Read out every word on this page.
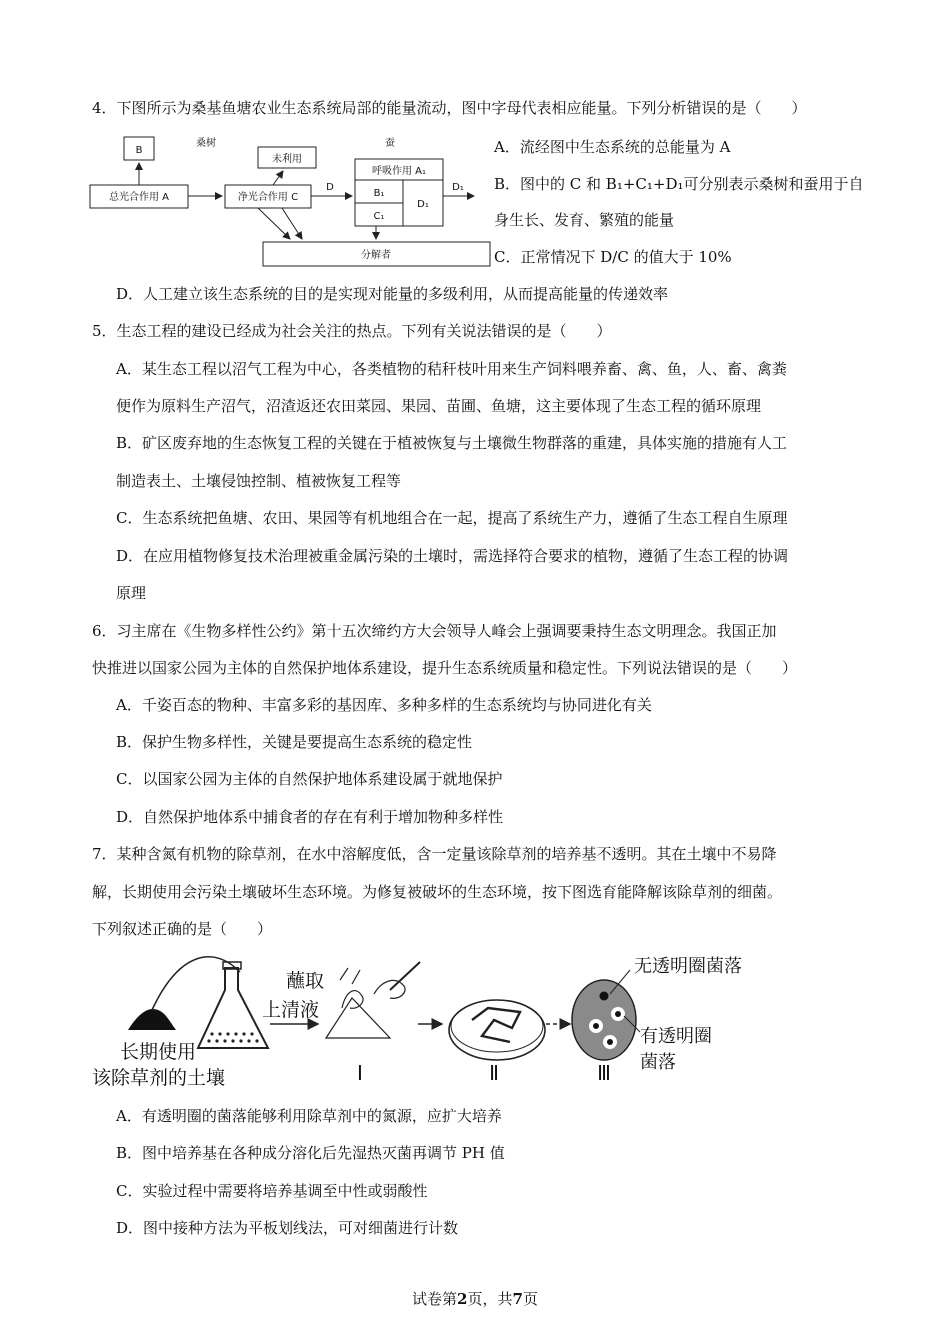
4．下图所示为桑基鱼塘农业生态系统局部的能量流动，图中字母代表相应能量。下列分析错误的是（　　）
桑树	蚕
B
总光合作用 A	净光合作用 C
未利用
呼吸作用 A₁
B₁
C₁
D₁
D	D₁
分解者
A．流经图中生态系统的总能量为 A
B．图中的 C 和 B₁+C₁+D₁可分别表示桑树和蚕用于自
身生长、发育、繁殖的能量
C．正常情况下 D/C 的值大于 10%
D．人工建立该生态系统的目的是实现对能量的多级利用，从而提高能量的传递效率
5．生态工程的建设已经成为社会关注的热点。下列有关说法错误的是（　　）
A．某生态工程以沼气工程为中心，各类植物的秸秆枝叶用来生产饲料喂养畜、禽、鱼，人、畜、禽粪
便作为原料生产沼气，沼渣返还农田菜园、果园、苗圃、鱼塘，这主要体现了生态工程的循环原理
B．矿区废弃地的生态恢复工程的关键在于植被恢复与土壤微生物群落的重建，具体实施的措施有人工
制造表土、土壤侵蚀控制、植被恢复工程等
C．生态系统把鱼塘、农田、果园等有机地组合在一起，提高了系统生产力，遵循了生态工程自生原理
D．在应用植物修复技术治理被重金属污染的土壤时，需选择符合要求的植物，遵循了生态工程的协调
原理
6．习主席在《生物多样性公约》第十五次缔约方大会领导人峰会上强调要秉持生态文明理念。我国正加
快推进以国家公园为主体的自然保护地体系建设，提升生态系统质量和稳定性。下列说法错误的是（　　）
A．千姿百态的物种、丰富多彩的基因库、多种多样的生态系统均与协同进化有关
B．保护生物多样性，关键是要提高生态系统的稳定性
C．以国家公园为主体的自然保护地体系建设属于就地保护
D．自然保护地体系中捕食者的存在有利于增加物种多样性
7．某种含氮有机物的除草剂，在水中溶解度低，含一定量该除草剂的培养基不透明。其在土壤中不易降
解，长期使用会污染土壤破坏生态环境。为修复被破坏的生态环境，按下图选育能降解该除草剂的细菌。
下列叙述正确的是（　　）
长期使用
该除草剂的土壤
蘸取
上清液
无透明圈菌落
有透明圈
菌落
Ⅰ	Ⅱ	Ⅲ
A．有透明圈的菌落能够利用除草剂中的氮源，应扩大培养
B．图中培养基在各种成分溶化后先湿热灭菌再调节 PH 值
C．实验过程中需要将培养基调至中性或弱酸性
D．图中接种方法为平板划线法，可对细菌进行计数
试卷第2页，共7页
